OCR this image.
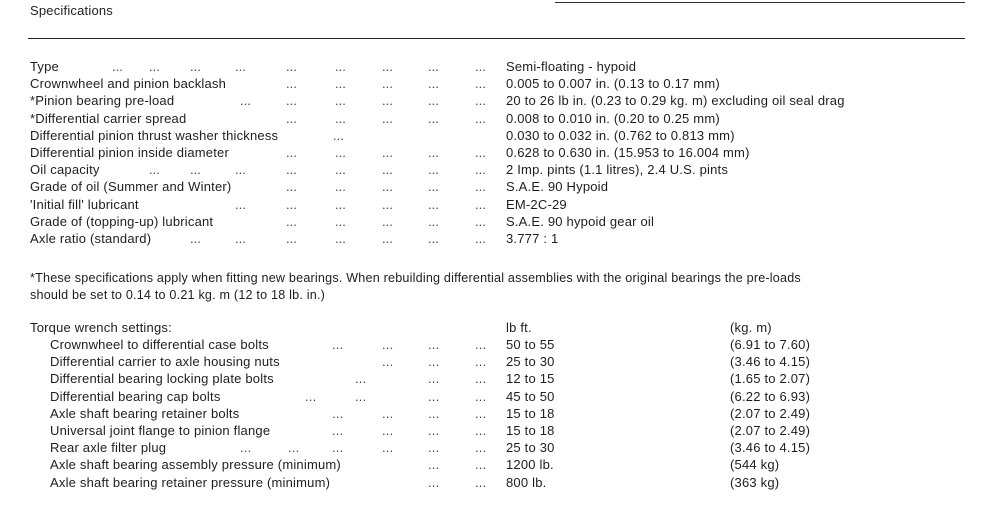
Specifications
... ... ...	...	...	...	...	...	...
Type	Semi-floating - hypoid
...	...	...	...	...
Crownwheel and pinion backlash	0.005 to 0.007 in. (0.13 to 0.17 mm)
...	...	...	...	...	...
*Pinion bearing pre-load	20 to 26 lb in. (0.23 to 0.29 kg. m) excluding oil seal drag
...	...	...	...	...
*Differential carrier spread	0.008 to 0.010 in. (0.20 to 0.25 mm)
...
Differential pinion thrust washer thickness	0.030 to 0.032 in. (0.762 to 0.813 mm)
...	...	...	...	...
Differential pinion inside diameter	0.628 to 0.630 in. (15.953 to 16.004 mm)
... ...	...	...	...	...	...	...
Oil capacity	2 Imp. pints (1.1 litres), 2.4 U.S. pints
...	...	...	...	...
Grade of oil (Summer and Winter)	S.A.E. 90 Hypoid
...	...	...	...	...	...
'Initial fill' lubricant	EM-2C-29
...	...	...	...	...
Grade of (topping-up) lubricant	S.A.E. 90 hypoid gear oil
...	...	...	...	...	...	...
Axle ratio (standard)	3.777 : 1
*These specifications apply when fitting new bearings. When rebuilding differential assemblies with the original bearings the pre-loads
should be set to 0.14 to 0.21 kg. m (12 to 18 lb. in.)
Torque wrench settings:	lb ft.	(kg. m)
...	...	...	...
Crownwheel to differential case bolts	50 to 55	(6.91 to 7.60)
...	...	...
Differential carrier to axle housing nuts	25 to 30	(3.46 to 4.15)
...	...	...
Differential bearing locking plate bolts	12 to 15	(1.65 to 2.07)
...	...	...	...
Differential bearing cap bolts	45 to 50	(6.22 to 6.93)
...	...	...	...
Axle shaft bearing retainer bolts	15 to 18	(2.07 to 2.49)
...	...	...	...
Universal joint flange to pinion flange	15 to 18	(2.07 to 2.49)
...	...	...	...	...	...
Rear axle filter plug	25 to 30	(3.46 to 4.15)
...	...
Axle shaft bearing assembly pressure (minimum)	1200 lb.	(544 kg)
...	...
Axle shaft bearing retainer pressure (minimum)	800 lb.	(363 kg)
